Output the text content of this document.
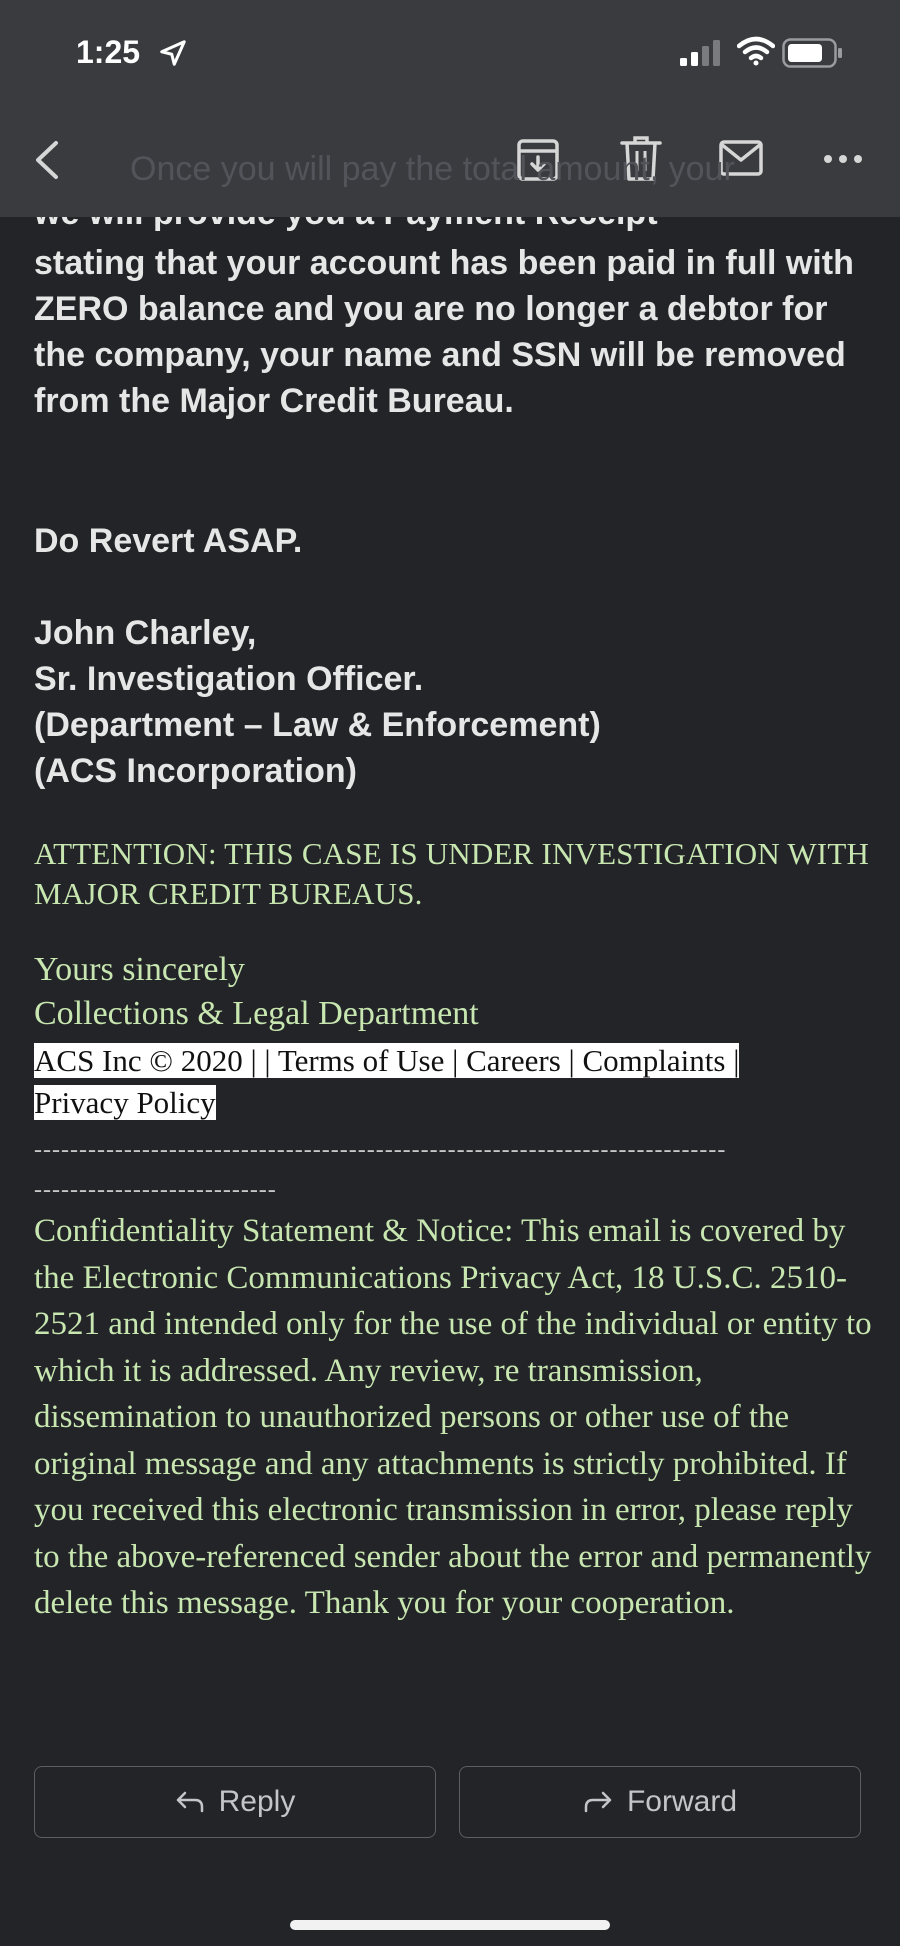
1:25
Once you will pay the total amount, your
stating that your account has been paid in full with ZERO balance and you are no longer a debtor for the company, your name and SSN will be removed from the Major Credit Bureau.
Do Revert ASAP.
John Charley,
Sr. Investigation Officer.
(Department – Law & Enforcement)
(ACS Incorporation)
ATTENTION: THIS CASE IS UNDER INVESTIGATION WITH MAJOR CREDIT BUREAUS.
Yours sincerely
Collections & Legal Department
ACS Inc © 2020 | | Terms of Use | Careers | Complaints |
Privacy Policy
-----------------------------------------------------------------------------
---------------------------
Confidentiality Statement & Notice: This email is covered by the Electronic Communications Privacy Act, 18 U.S.C. 2510-2521 and intended only for the use of the individual or entity to which it is addressed. Any review, re transmission, dissemination to unauthorized persons or other use of the original message and any attachments is strictly prohibited. If you received this electronic transmission in error, please reply to the above-referenced sender about the error and permanently delete this message. Thank you for your cooperation.
Reply	Forward
